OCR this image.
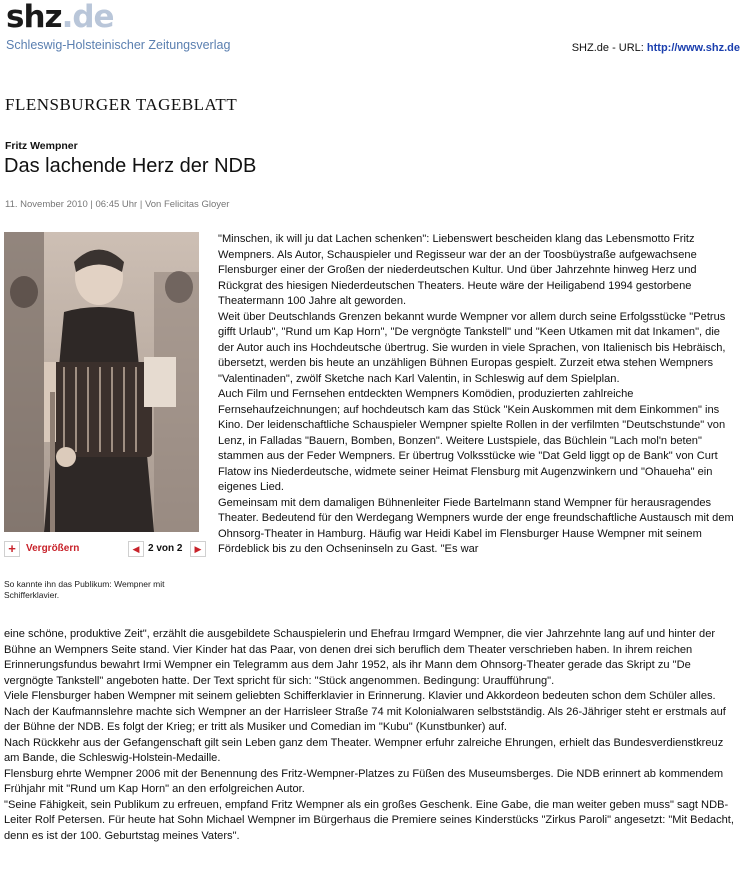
shz.de
Schleswig-Holsteinischer Zeitungsverlag	SHZ.de - URL: http://www.shz.de
FLENSBURGER TAGEBLATT
Fritz Wempner
Das lachende Herz der NDB
11. November 2010 | 06:45 Uhr | Von Felicitas Gloyer
+	Vergrößern	◀ 2 von 2	▶
So kannte ihn das Publikum: Wempner mit Schifferklavier.

"Minschen, ik will ju dat Lachen schenken": Liebenswert bescheiden klang das Lebensmotto Fritz Wempners. Als Autor, Schauspieler und Regisseur war der an der Toosbüystraße aufgewachsene Flensburger einer der Großen der niederdeutschen Kultur. Und über Jahrzehnte hinweg Herz und Rückgrat des hiesigen Niederdeutschen Theaters. Heute wäre der Heiligabend 1994 gestorbene Theatermann 100 Jahre alt geworden.

Weit über Deutschlands Grenzen bekannt wurde Wempner vor allem durch seine Erfolgsstücke "Petrus gifft Urlaub", "Rund um Kap Horn", "De vergnögte Tankstell" und "Keen Utkamen mit dat Inkamen", die der Autor auch ins Hochdeutsche übertrug. Sie wurden in viele Sprachen, von Italienisch bis Hebräisch, übersetzt, werden bis heute an unzähligen Bühnen Europas gespielt. Zurzeit etwa stehen Wempners "Valentinaden", zwölf Sketche nach Karl Valentin, in Schleswig auf dem Spielplan.

Auch Film und Fernsehen entdeckten Wempners Komödien, produzierten zahlreiche Fernsehaufzeichnungen; auf hochdeutsch kam das Stück "Kein Auskommen mit dem Einkommen" ins Kino. Der leidenschaftliche Schauspieler Wempner spielte Rollen in der verfilmten "Deutschstunde" von Lenz, in Falladas "Bauern, Bomben, Bonzen". Weitere Lustspiele, das Büchlein "Lach mol'n beten" stammen aus der Feder Wempners. Er übertrug Volksstücke wie "Dat Geld liggt op de Bank" von Curt Flatow ins Niederdeutsche, widmete seiner Heimat Flensburg mit Augenzwinkern und "Ohaueha" ein eigenes Lied.

Gemeinsam mit dem damaligen Bühnenleiter Fiede Bartelmann stand Wempner für herausragendes Theater. Bedeutend für den Werdegang Wempners wurde der enge freundschaftliche Austausch mit dem Ohnsorg-Theater in Hamburg. Häufig war Heidi Kabel im Flensburger Hause Wempner mit seinem Fördeblick bis zu den Ochseninseln zu Gast. "Es war

eine schöne, produktive Zeit", erzählt die ausgebildete Schauspielerin und Ehefrau Irmgard Wempner, die vier Jahrzehnte lang auf und hinter der Bühne an Wempners Seite stand. Vier Kinder hat das Paar, von denen drei sich beruflich dem Theater verschrieben haben. In ihrem reichen Erinnerungsfundus bewahrt Irmi Wempner ein Telegramm aus dem Jahr 1952, als ihr Mann dem Ohnsorg-Theater gerade das Skript zu "De vergnögte Tankstell" angeboten hatte. Der Text spricht für sich: "Stück angenommen. Bedingung: Uraufführung".

Viele Flensburger haben Wempner mit seinem geliebten Schifferklavier in Erinnerung. Klavier und Akkordeon bedeuten schon dem Schüler alles. Nach der Kaufmannslehre machte sich Wempner an der Harrisleer Straße 74 mit Kolonialwaren selbstständig. Als 26-Jähriger steht er erstmals auf der Bühne der NDB. Es folgt der Krieg; er tritt als Musiker und Comedian im "Kubu" (Kunstbunker) auf.

Nach Rückkehr aus der Gefangenschaft gilt sein Leben ganz dem Theater. Wempner erfuhr zalreiche Ehrungen, erhielt das Bundesverdienstkreuz am Bande, die Schleswig-Holstein-Medaille.

Flensburg ehrte Wempner 2006 mit der Benennung des Fritz-Wempner-Platzes zu Füßen des Museumsberges. Die NDB erinnert ab kommendem Frühjahr mit "Rund um Kap Horn" an den erfolgreichen Autor.

"Seine Fähigkeit, sein Publikum zu erfreuen, empfand Fritz Wempner als ein großes Geschenk. Eine Gabe, die man weiter geben muss" sagt NDB-Leiter Rolf Petersen. Für heute hat Sohn Michael Wempner im Bürgerhaus die Premiere seines Kinderstücks "Zirkus Paroli" angesetzt: "Mit Bedacht, denn es ist der 100. Geburtstag meines Vaters".
